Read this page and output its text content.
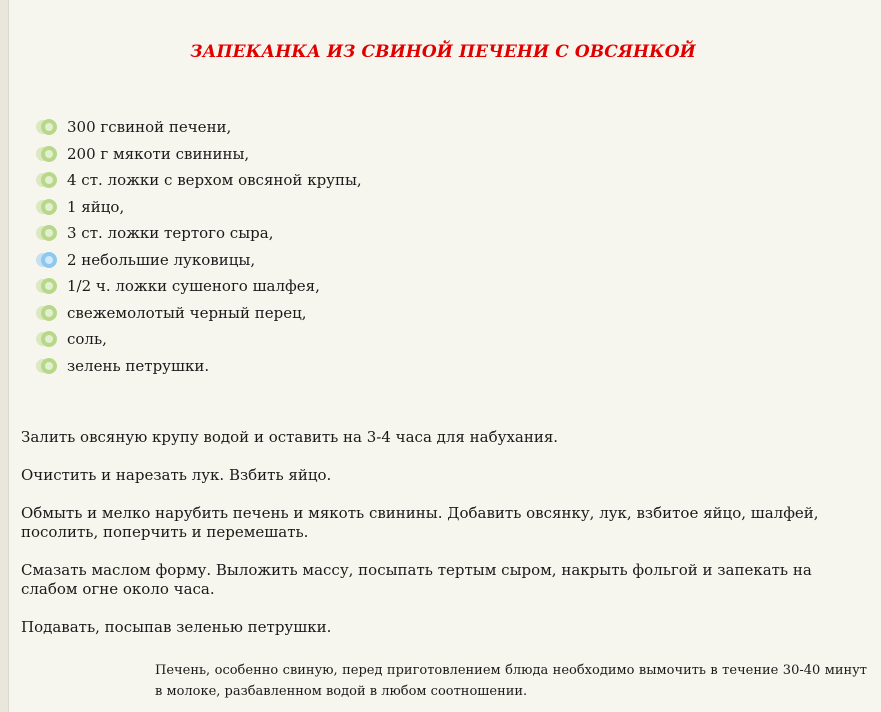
ЗАПЕКАНКА ИЗ СВИНОЙ ПЕЧЕНИ С ОВСЯНКОЙ
300 гсвиной печени,
200 г мякоти свинины,
4 ст. ложки с верхом овсяной крупы,
1 яйцо,
3 ст. ложки тертого сыра,
2 небольшие луковицы,
1/2 ч. ложки сушеного шалфея,
свежемолотый черный перец,
соль,
зелень петрушки.

Залить овсяную крупу водой и оставить на 3-4 часа для набухания.

Очистить и нарезать лук. Взбить яйцо.

Обмыть и мелко нарубить печень и мякоть свинины. Добавить овсянку, лук, взбитое яйцо, шалфей, посолить, поперчить и перемешать.

Смазать маслом форму. Выложить массу, посыпать тертым сыром, накрыть фольгой и запекать на слабом огне около часа.

Подавать, посыпав зеленью петрушки.

Печень, особенно свиную, перед приготовлением блюда необходимо вымочить в течение 30-40 минут в молоке, разбавленном водой в любом соотношении.
